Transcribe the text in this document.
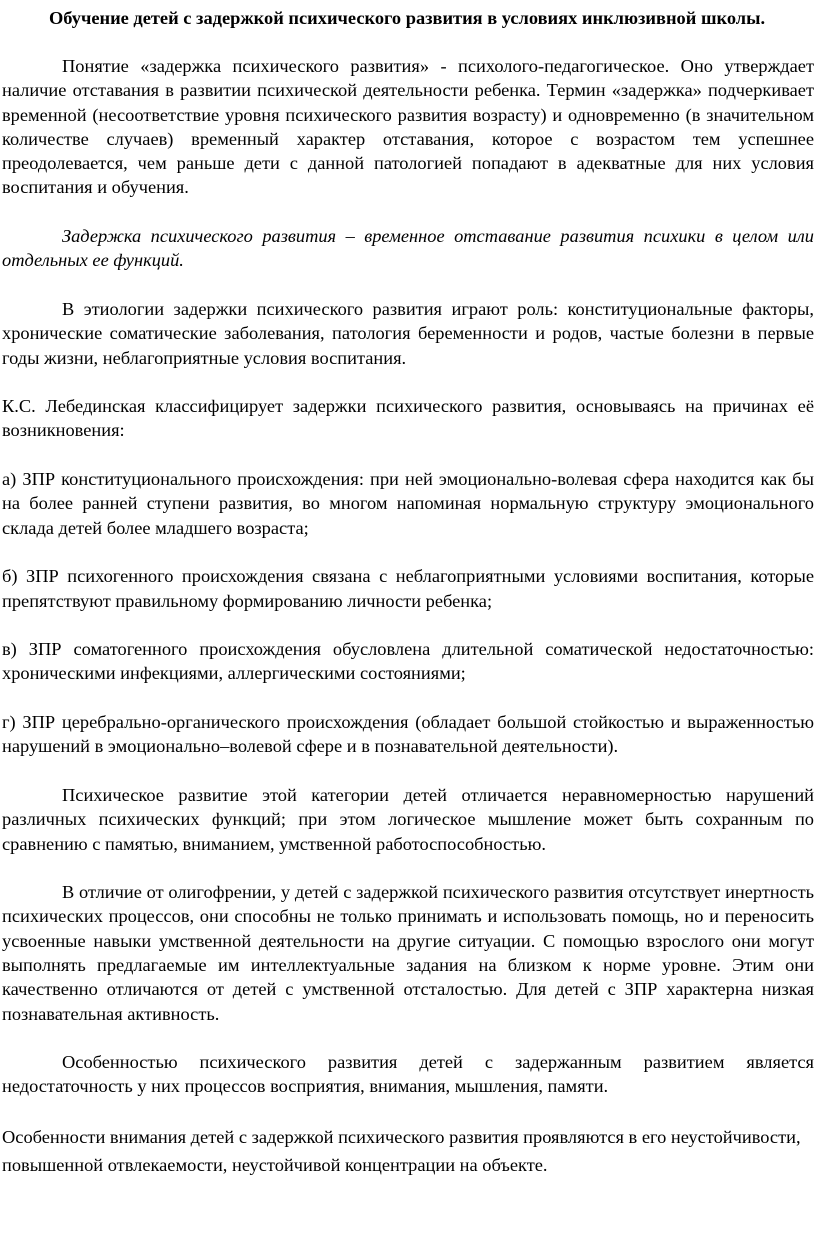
Обучение детей с задержкой психического развития в условиях инклюзивной школы.

Понятие «задержка психического развития» - психолого-педагогическое. Оно утверждает наличие отставания в развитии психической деятельности ребенка. Термин «задержка» подчеркивает временной (несоответствие уровня психического развития возрасту) и одновременно (в значительном количестве случаев) временный характер отставания, которое с возрастом тем успешнее преодолевается, чем раньше дети с данной патологией попадают в адекватные для них условия воспитания и обучения.

Задержка психического развития – временное отставание развития психики в целом или отдельных ее функций.

В этиологии задержки психического развития играют роль: конституциональные факторы, хронические соматические заболевания, патология беременности и родов, частые болезни в первые годы жизни, неблагоприятные условия воспитания.

К.С. Лебединская классифицирует задержки психического развития, основываясь на причинах её возникновения:

а) ЗПР конституционального происхождения: при ней эмоционально-волевая сфера находится как бы на более ранней ступени развития, во многом напоминая нормальную структуру эмоционального склада детей более младшего возраста;

б) ЗПР психогенного происхождения связана с неблагоприятными условиями воспитания, которые препятствуют правильному формированию личности ребенка;

в) ЗПР соматогенного происхождения обусловлена длительной соматической недостаточностью: хроническими инфекциями, аллергическими состояниями;

г) ЗПР церебрально-органического происхождения (обладает большой стойкостью и выраженностью нарушений в эмоционально–волевой сфере и в познавательной деятельности).

Психическое развитие этой категории детей отличается неравномерностью нарушений различных психических функций; при этом логическое мышление может быть сохранным по сравнению с памятью, вниманием, умственной работоспособностью.

В отличие от олигофрении, у детей с задержкой психического развития отсутствует инертность психических процессов, они способны не только принимать и использовать помощь, но и переносить усвоенные навыки умственной деятельности на другие ситуации. С помощью взрослого они могут выполнять предлагаемые им интеллектуальные задания на близком к норме уровне. Этим они качественно отличаются от детей с умственной отсталостью. Для детей с ЗПР характерна низкая познавательная активность.

Особенностью психического развития детей с задержанным развитием является недостаточность у них процессов восприятия, внимания, мышления, памяти.

Особенности внимания детей с задержкой психического развития проявляются в его неустойчивости, повышенной отвлекаемости, неустойчивой концентрации на объекте.
